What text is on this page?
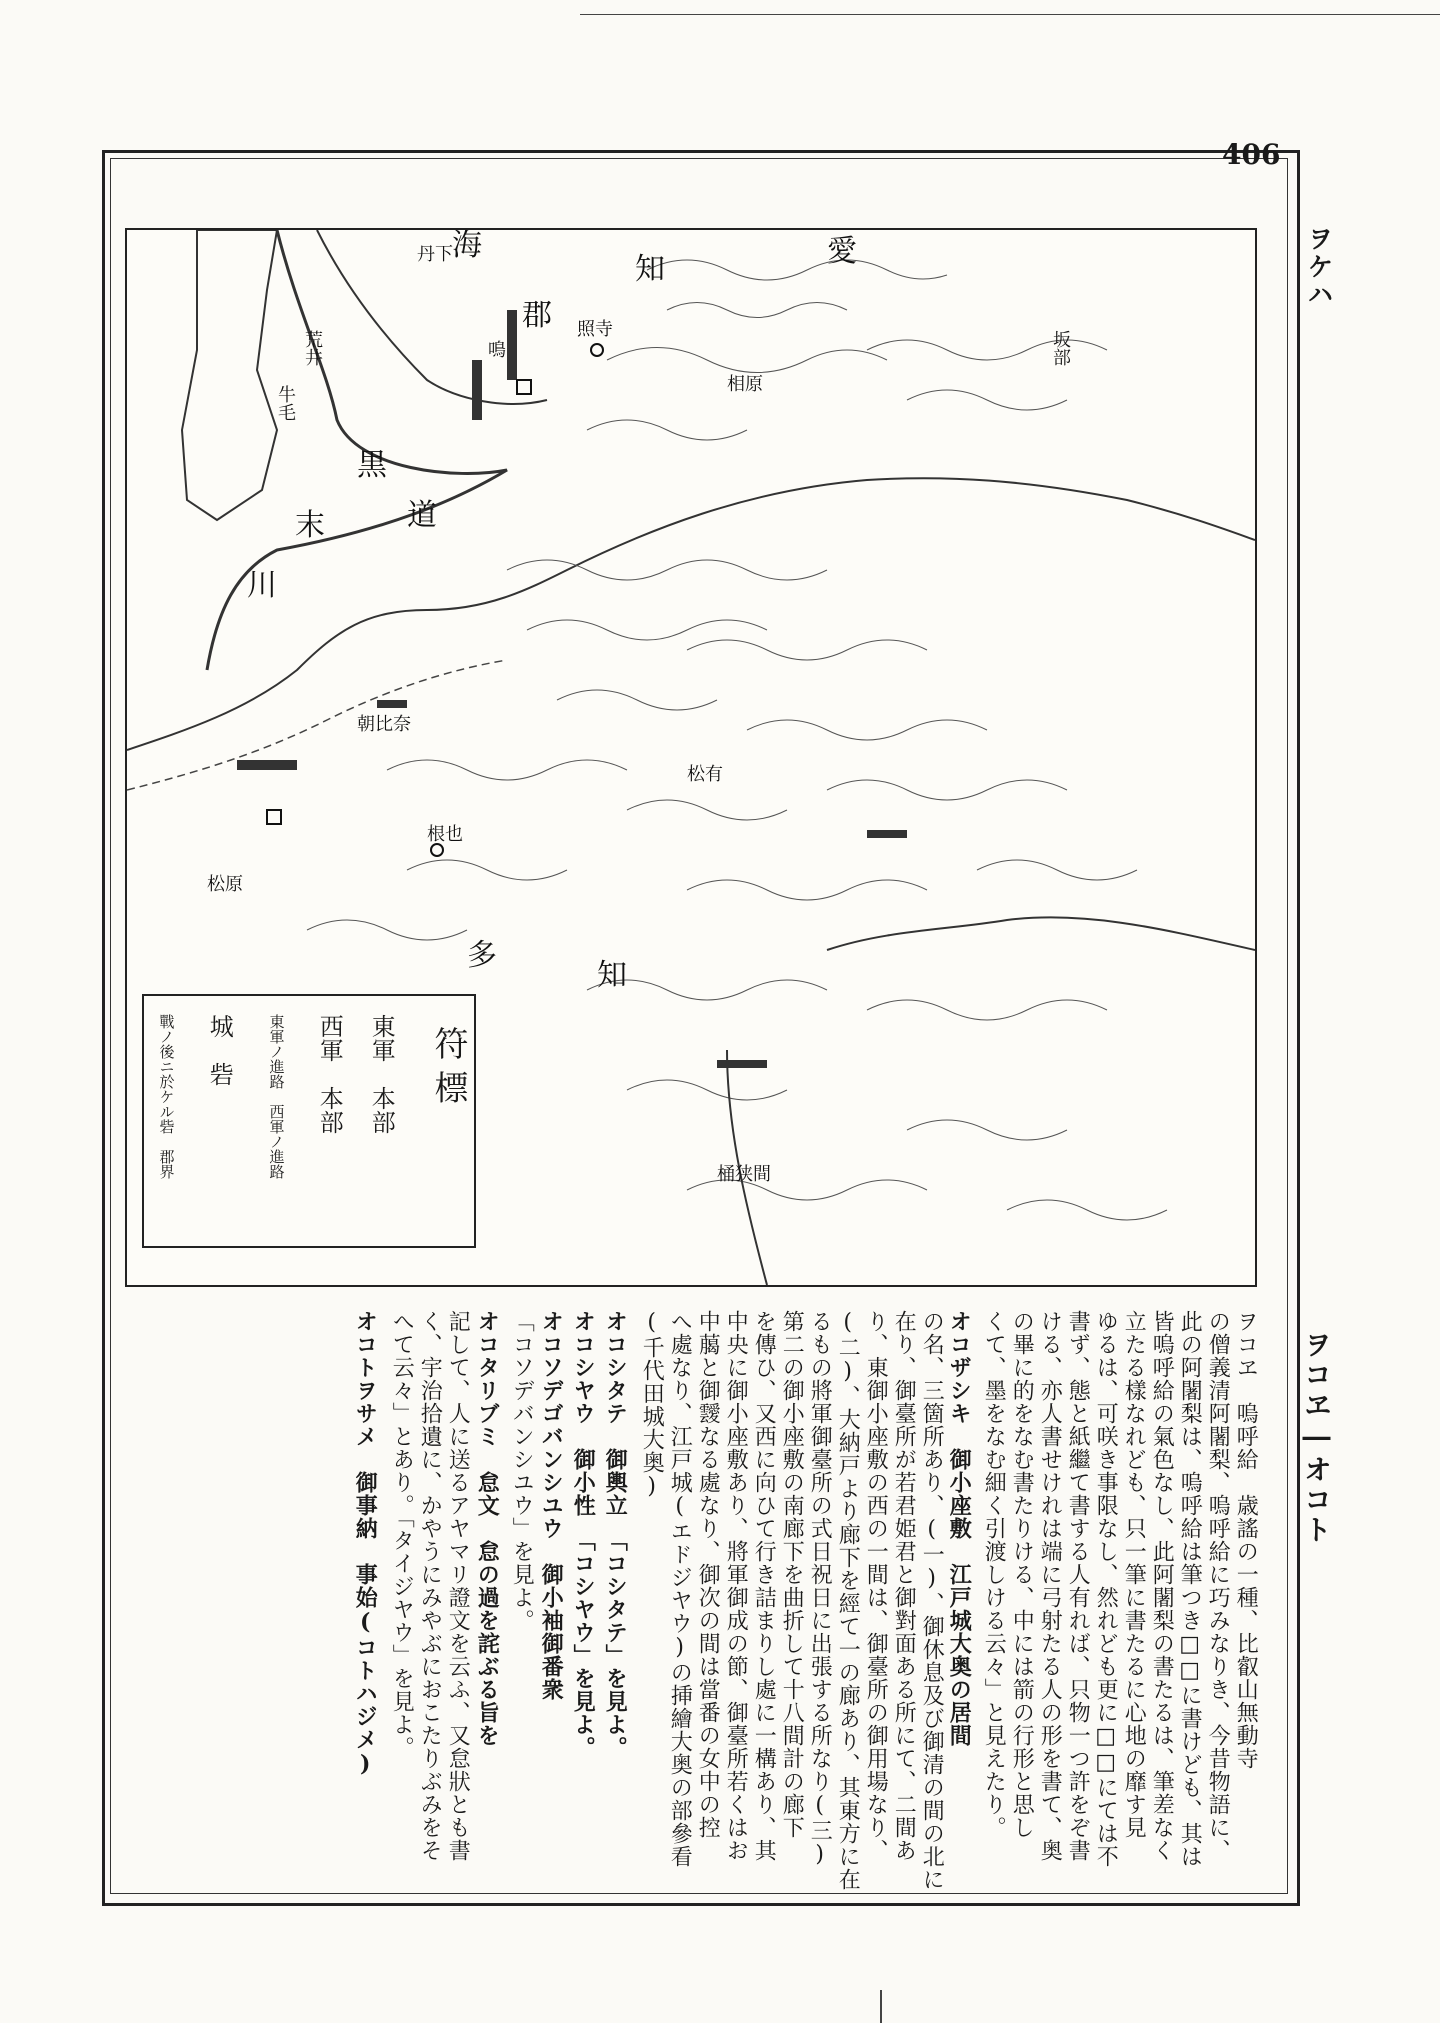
406
ヲケハ
ヲコヱ―オコト
愛
知
海
郡
多
知
黒
末
川
道
鳴	坂部
牛毛
荒井
照寺
相原
丹下
松原
根也
松有
桶狭間
朝比奈
符標
東軍　本部
西軍　本部
東軍ノ進路　西軍ノ進路
城　砦
戰ノ後ニ於ケル砦　郡界
ヲコヱ　嗚呼給　歳謠の一種、比叡山無動寺
の僧義清阿闍梨、嗚呼給に巧みなりき、今昔物語に、
此の阿闍梨は、嗚呼給は筆つき□□に書けども、其は
皆嗚呼給の氣色なし、此阿闍梨の書たるは、筆差なく
立たる樣なれども、只一筆に書たるに心地の靡す見
ゆるは、可咲き事限なし、然れども更に□□にては不
書ず、態と紙繼て書する人有れば、只物一つ許をぞ書
ける、亦人書せけれは端に弓射たる人の形を書て、奥
の畢に的をなむ書たりける、中には箭の行形と思し
くて、墨をなむ細く引渡しける云々」と見えたり。
オコザシキ　御小座敷　江戸城大奥の居間
の名、三箇所あり、(一)、御休息及び御清の間の北に
在り、御臺所が若君姫君と御對面ある所にて、二間あ
り、東御小座敷の西の一間は、御臺所の御用場なり、
(二)、大納戸より廊下を經て一の廊あり、其東方に在
るもの將軍御臺所の式日祝日に出張する所なり(三)
第二の御小座敷の南廊下を曲折して十八間計の廊下
を傳ひ、又西に向ひて行き詰まりし處に一構あり、其
中央に御小座敷あり、將軍御成の節、御臺所若くはお
中﨟と御靉なる處なり、御次の間は當番の女中の控
へ處なり、江戸城(エドジヤウ)の挿繪大奥の部參看
(千代田城大奥)
オコシタテ　御輿立　「コシタテ」を見よ。
オコシヤウ　御小性　「コシヤウ」を見よ。
オコソデゴバンシユウ　御小袖御番衆
「コソデバンシユウ」を見よ。
オコタリブミ　怠文　怠の過を詫ぶる旨を
記して、人に送るアヤマリ證文を云ふ、又怠狀とも書
く、宇治拾遺に、かやうにみやぶにおこたりぶみをそ
へて云々」とあり。「タイジヤウ」を見よ。
オコトヲサメ　御事納　事始(コトハジメ)
